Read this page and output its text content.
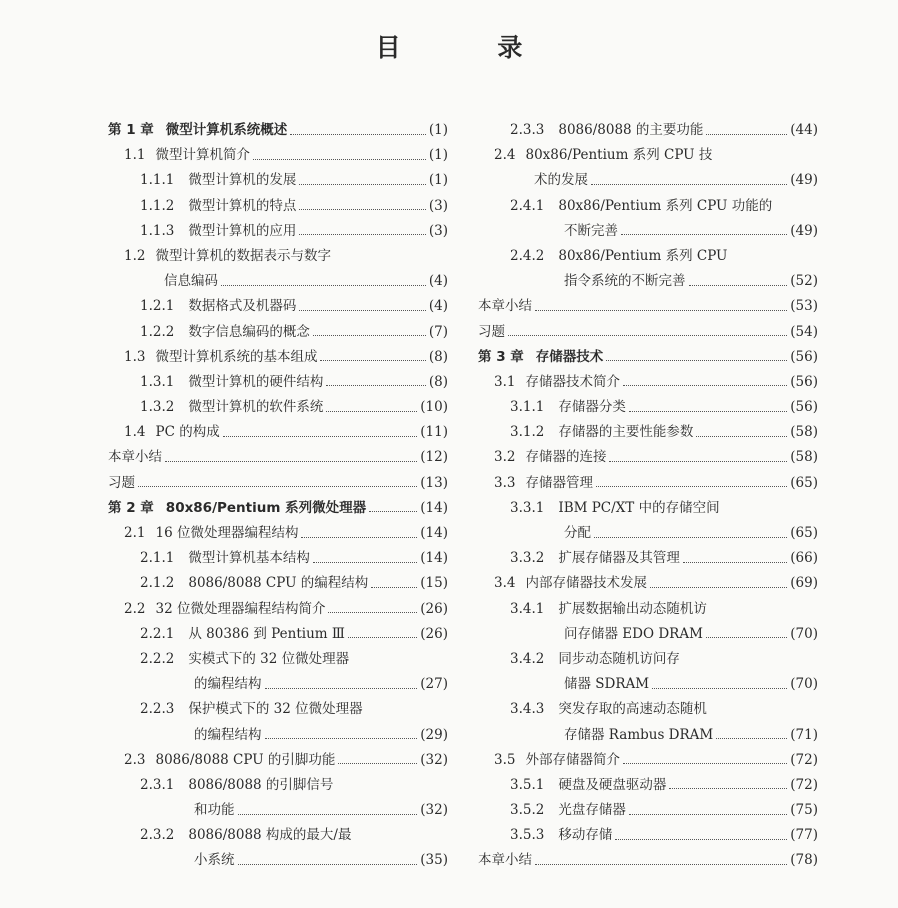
目 录
第 1 章 微型计算机系统概述	(1)
1.1 微型计算机简介	(1)
1.1.1 微型计算机的发展	(1)
1.1.2 微型计算机的特点	(3)
1.1.3 微型计算机的应用	(3)
1.2 微型计算机的数据表示与数字
信息编码	(4)
1.2.1 数据格式及机器码	(4)
1.2.2 数字信息编码的概念	(7)
1.3 微型计算机系统的基本组成	(8)
1.3.1 微型计算机的硬件结构	(8)
1.3.2 微型计算机的软件系统	(10)
1.4 PC 的构成	(11)
本章小结	(12)
习题	(13)
第 2 章 80x86/Pentium 系列微处理器	(14)
2.1 16 位微处理器编程结构	(14)
2.1.1 微型计算机基本结构	(14)
2.1.2 8086/8088 CPU 的编程结构	(15)
2.2 32 位微处理器编程结构简介	(26)
2.2.1 从 80386 到 Pentium Ⅲ	(26)
2.2.2 实模式下的 32 位微处理器
的编程结构	(27)
2.2.3 保护模式下的 32 位微处理器
的编程结构	(29)
2.3 8086/8088 CPU 的引脚功能	(32)
2.3.1 8086/8088 的引脚信号
和功能	(32)
2.3.2 8086/8088 构成的最大/最
小系统	(35)
2.3.3 8086/8088 的主要功能	(44)
2.4 80x86/Pentium 系列 CPU 技
术的发展	(49)
2.4.1 80x86/Pentium 系列 CPU 功能的
不断完善	(49)
2.4.2 80x86/Pentium 系列 CPU
指令系统的不断完善	(52)
本章小结	(53)
习题	(54)
第 3 章 存储器技术	(56)
3.1 存储器技术简介	(56)
3.1.1 存储器分类	(56)
3.1.2 存储器的主要性能参数	(58)
3.2 存储器的连接	(58)
3.3 存储器管理	(65)
3.3.1 IBM PC/XT 中的存储空间
分配	(65)
3.3.2 扩展存储器及其管理	(66)
3.4 内部存储器技术发展	(69)
3.4.1 扩展数据输出动态随机访
问存储器 EDO DRAM	(70)
3.4.2 同步动态随机访问存
储器 SDRAM	(70)
3.4.3 突发存取的高速动态随机
存储器 Rambus DRAM	(71)
3.5 外部存储器简介	(72)
3.5.1 硬盘及硬盘驱动器	(72)
3.5.2 光盘存储器	(75)
3.5.3 移动存储	(77)
本章小结	(78)
